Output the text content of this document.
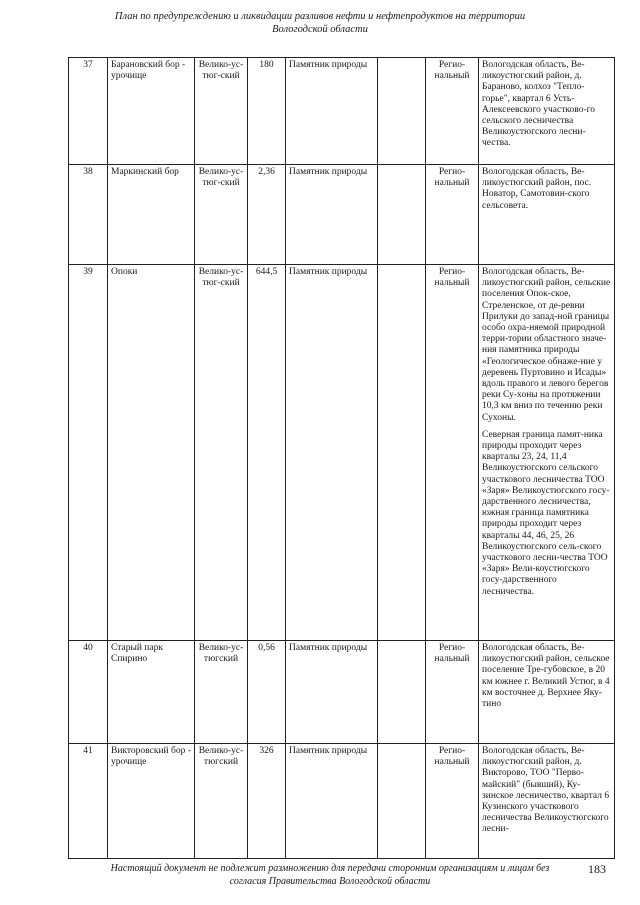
План по предупреждению и ликвидации разливов нефти и нефтепродуктов на территории
Вологодской области
37	Барановский бор - урочище	Велико-ус- тюг-ский	180	Памятник природы		Регио-нальный	Вологодская область, Ве-ликоустюгский район, д. Бараново, колхоз "Тепло-горье", квартал 6 Усть-Алексеевского участково-го сельского лесничества Великоустюгского лесни-чества.

38	Маркинский бор	Велико-ус- тюг-ский	2,36	Памятник природы		Регио-нальный	Вологодская область, Ве-ликоустюгский район, пос. Новатор, Самотовин-ского сельсовета.

39	Опоки	Велико-ус- тюг-ский	644,5	Памятник природы		Регио-нальный	Вологодская область, Ве-ликоустюгский район, сельские поселения Опок-ское, Стреленское, от де-ревни Прилуки до запад-ной границы особо охра-няемой природной терри-тории областного значе-ния памятника природы «Геологическое обнаже-ние у деревень Пуртовино и Исады» вдоль правого и левого берегов реки Су-хоны на протяжении 10,3 км вниз по течению реки Сухоны.

Северная граница памят-ника природы проходит через кварталы 23, 24, 11,4 Великоустюгского сельского участкового лесничества ТОО «Заря» Великоустюгского госу-дарственного лесничества, южная граница памятника природы проходит через кварталы 44, 46, 25, 26 Великоустюгского сель-ского участкового лесни-чества ТОО «Заря» Вели-коустюгского госу-дарственного лесничества.

40	Старый парк Спирино	Велико-ус-тюгский	0,56	Памятник природы		Регио-нальный	Вологодская область, Ве-ликоустюгский район, сельское поселение Тре-губовское, в 20 км южнее г. Великий Устюг, в 4 км восточнее д. Верхнее Яку-тино

41	Викторовский бор - урочище	Велико-ус-тюгский	326	Памятник природы		Регио-нальный	Вологодская область, Ве-ликоустюгский район, д. Викторово, ТОО "Перво-майский" (бывший), Ку-зинское лесничество, квартал 6 Кузинского участкового лесничества Великоустюгского лесни-

Настоящий документ не подлежит размножению для передачи сторонним организациям и лицам без
согласия Правительства Вологодской области
183
